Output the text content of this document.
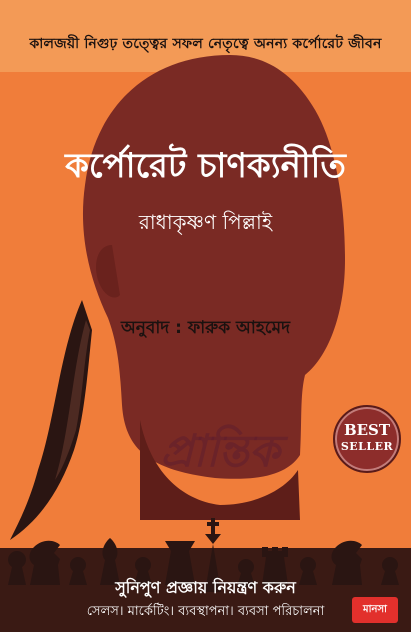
কালজয়ী নিগুঢ় তত্ত্বের সফল নেতৃত্বে অনন্য কর্পোরেট জীবন
কর্পোরেট চাণক্যনীতি
রাধাকৃষ্ণণ পিল্লাই
অনুবাদ : ফারুক আহমেদ
প্রান্তিক	BEST
SELLER
সুনিপুণ প্রজ্ঞায় নিয়ন্ত্রণ করুন
সেলস। মার্কেটিং। ব্যবস্থাপনা। ব্যবসা পরিচালনা	মানসা
